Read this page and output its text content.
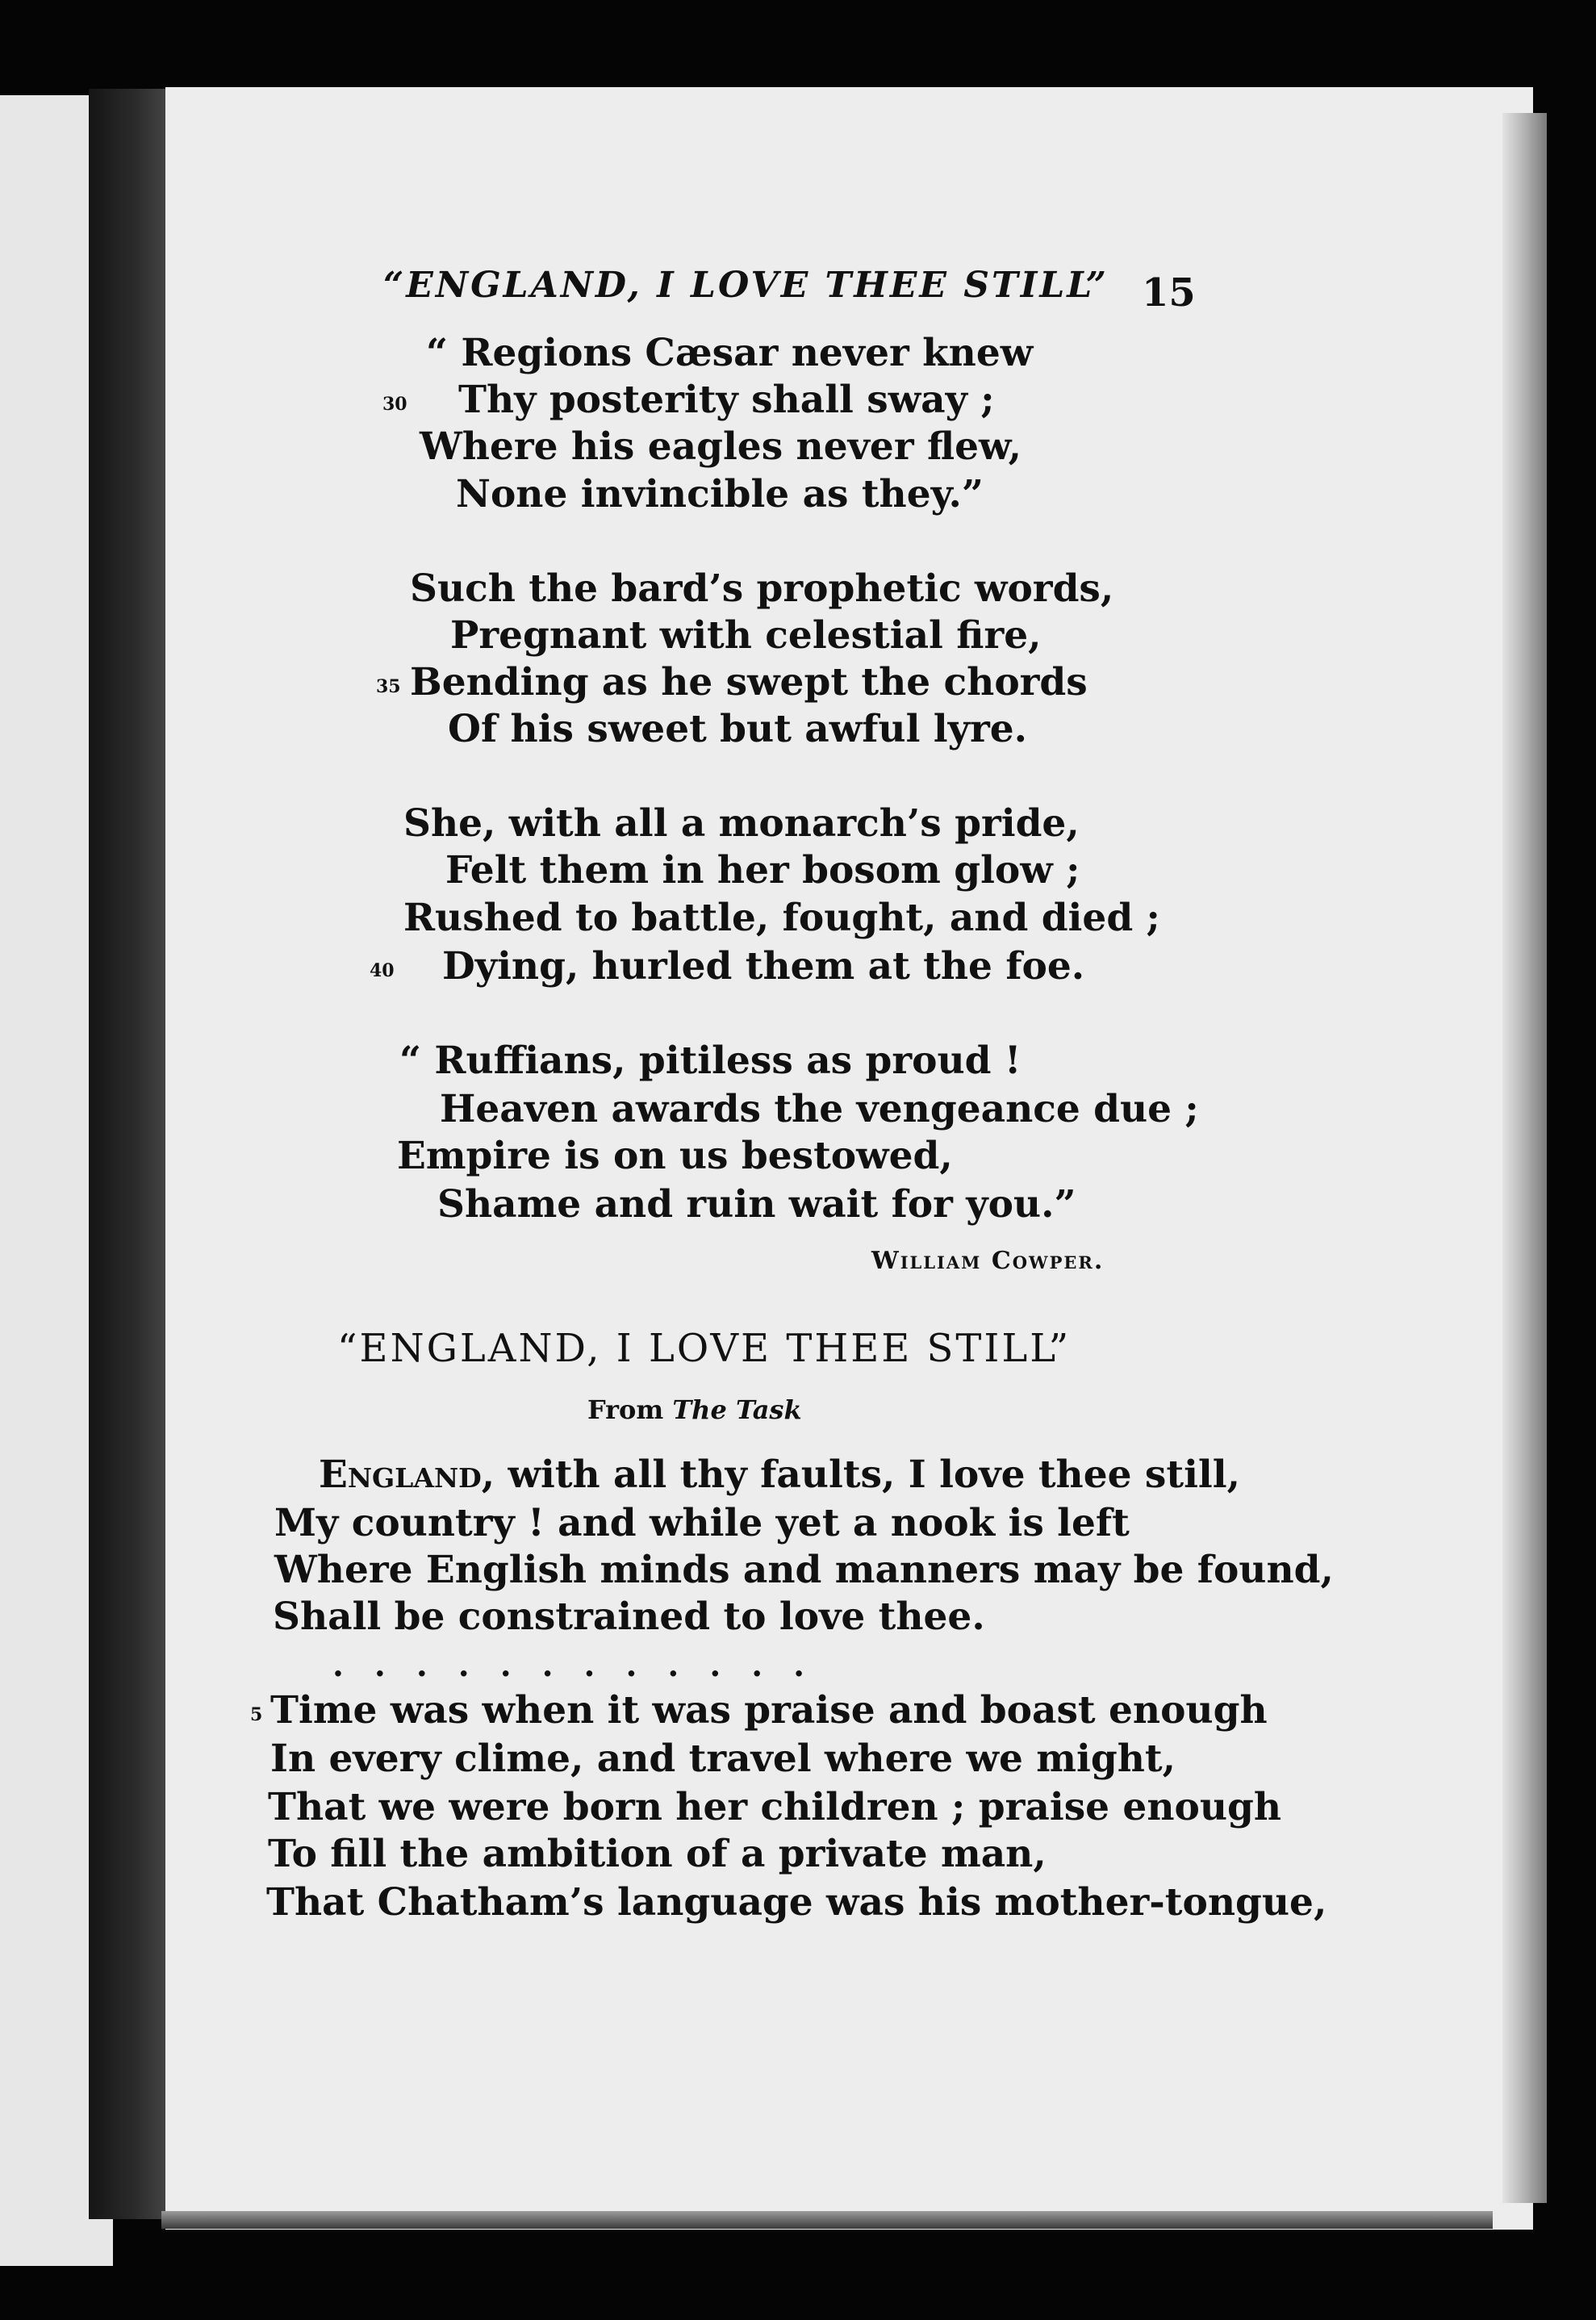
“ENGLAND, I LOVE THEE STILL” 15
“ Regions Cæsar never knew
30 Thy posterity shall sway ;
Where his eagles never flew,
None invincible as they.”
Such the bard’s prophetic words,
Pregnant with celestial fire,
35 Bending as he swept the chords
Of his sweet but awful lyre.
She, with all a monarch’s pride,
Felt them in her bosom glow ;
Rushed to battle, fought, and died ;
40 Dying, hurled them at the foe.
“ Ruffians, pitiless as proud !
Heaven awards the vengeance due ;
Empire is on us bestowed,
Shame and ruin wait for you.”
William Cowper.
“ENGLAND, I LOVE THEE STILL”
From The Task
England, with all thy faults, I love thee still,
My country ! and while yet a nook is left
Where English minds and manners may be found,
Shall be constrained to love thee.
............
5 Time was when it was praise and boast enough
In every clime, and travel where we might,
That we were born her children ; praise enough
To fill the ambition of a private man,
That Chatham’s language was his mother-tongue,
